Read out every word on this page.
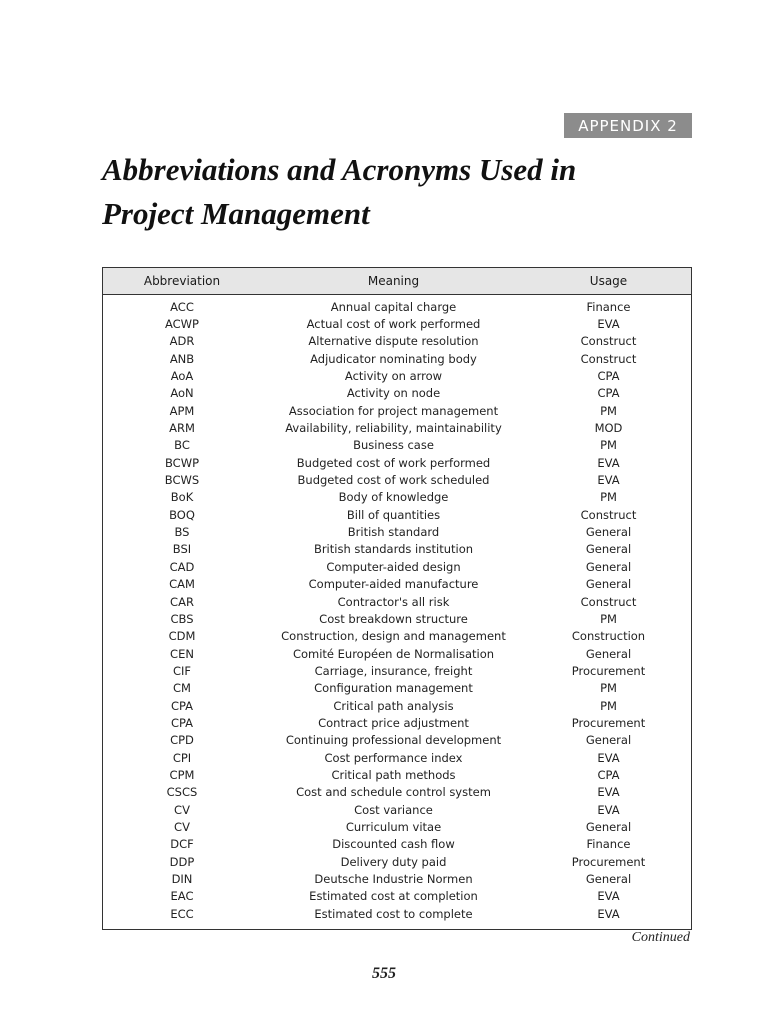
APPENDIX 2
Abbreviations and Acronyms Used in
Project Management
Abbreviation	Meaning	Usage
ACC	Annual capital charge	Finance
ACWP	Actual cost of work performed	EVA
ADR	Alternative dispute resolution	Construct
ANB	Adjudicator nominating body	Construct
AoA	Activity on arrow	CPA
AoN	Activity on node	CPA
APM	Association for project management	PM
ARM	Availability, reliability, maintainability	MOD
BC	Business case	PM
BCWP	Budgeted cost of work performed	EVA
BCWS	Budgeted cost of work scheduled	EVA
BoK	Body of knowledge	PM
BOQ	Bill of quantities	Construct
BS	British standard	General
BSI	British standards institution	General
CAD	Computer-aided design	General
CAM	Computer-aided manufacture	General
CAR	Contractor's all risk	Construct
CBS	Cost breakdown structure	PM
CDM	Construction, design and management	Construction
CEN	Comité Européen de Normalisation	General
CIF	Carriage, insurance, freight	Procurement
CM	Configuration management	PM
CPA	Critical path analysis	PM
CPA	Contract price adjustment	Procurement
CPD	Continuing professional development	General
CPI	Cost performance index	EVA
CPM	Critical path methods	CPA
CSCS	Cost and schedule control system	EVA
CV	Cost variance	EVA
CV	Curriculum vitae	General
DCF	Discounted cash flow	Finance
DDP	Delivery duty paid	Procurement
DIN	Deutsche Industrie Normen	General
EAC	Estimated cost at completion	EVA
ECC	Estimated cost to complete	EVA
Continued
555
